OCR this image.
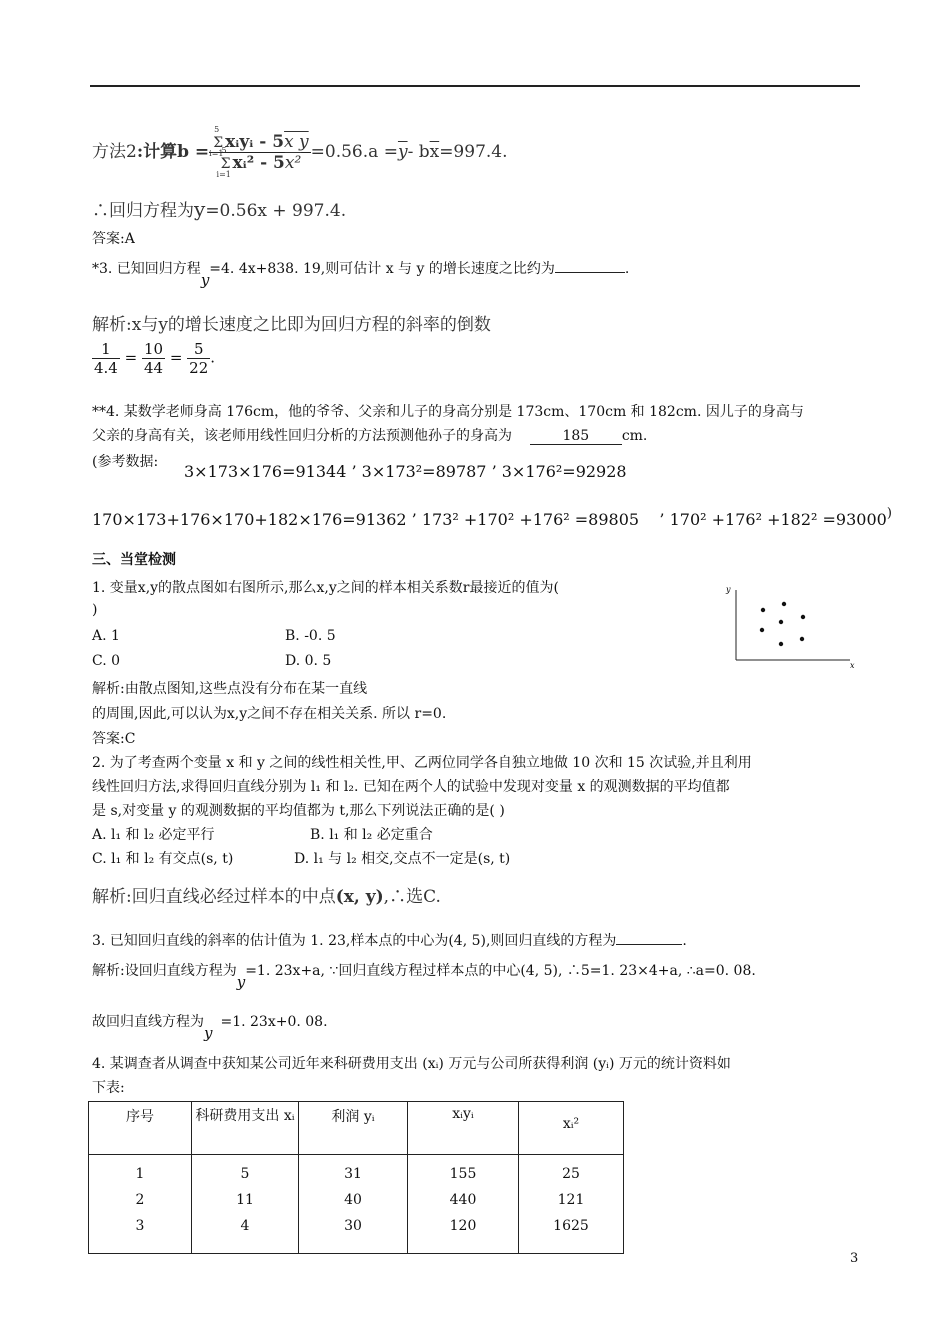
方法2:计算b = Σ
5
i=1
xᵢyᵢ - 5x y
Σ
5
i=1
xᵢ² - $5x^2 =0.56.a =\overline{y}-$ $b\overline{x}=997.4$.
∴回归方程为y=0.56x + 997.4.
答案:A
*3. 已知回归方程y=4. 4x+838. 19,则可估计 x 与 y 的增长速度之比约为	.
解析:x与y的增长速度之比即为回归方程的斜率的倒数
$\frac{1}{4.4} = \frac{10}{44} = \frac{5}{22}$ .
**4. 某数学老师身高 176cm，他的爷爷、父亲和儿子的身高分别是 173cm、170cm 和 182cm. 因儿子的身高与
父亲的身高有关，该老师用线性回归分析的方法预测他孙子的身高为	185 cm.
(参考数据: 3×173×176=91344 ’ 3×173²=89787 ’ 3×176²=92928
170×173+176×170+182×176=91362 ’ 173² +170² +176² =89805    ’ 170² +176² +182² =93000)
三、当堂检测
1. 变量x,y的散点图如右图所示,那么x,y之间的样本相关系数r最接近的值为(
)
A. 1	B. -0. 5
C. 0	D. 0. 5
解析:由散点图知,这些点没有分布在某一直线
的周围,因此,可以认为x,y之间不存在相关关系. 所以 r=0.
答案:C
y
x
2. 为了考查两个变量 x 和 y 之间的线性相关性,甲、乙两位同学各自独立地做 10 次和 15 次试验,并且利用
线性回归方法,求得回归直线分别为 l₁ 和 l₂. 已知在两个人的试验中发现对变量 x 的观测数据的平均值都
是 s,对变量 y 的观测数据的平均值都为 t,那么下列说法正确的是( )
A. l₁ 和 l₂ 必定平行	B. l₁ 和 l₂ 必定重合
C. l₁ 和 l₂ 有交点(s, t)	D. l₁ 与 l₂ 相交,交点不一定是(s, t)
解析:回归直线必经过样本的中点(x, y),∴选C.
3. 已知回归直线的斜率的估计值为 1. 23,样本点的中心为(4, 5),则回归直线的方程为	.
解析:设回归直线方程为y=1. 23x+a, ∵回归直线方程过样本点的中心(4, 5), ∴5=1. 23×4+a, ∴a=0. 08.
故回归直线方程为y=1. 23x+0. 08.
4. 某调查者从调查中获知某公司近年来科研费用支出 (xᵢ) 万元与公司所获得利润 (yᵢ) 万元的统计资料如
下表:
序号	科研费用支出 xᵢ	利润 yᵢ	xᵢyᵢ	xᵢ²
1	5	31	155	25
2	11	40	440	121
3	4	30	120	1625
3
